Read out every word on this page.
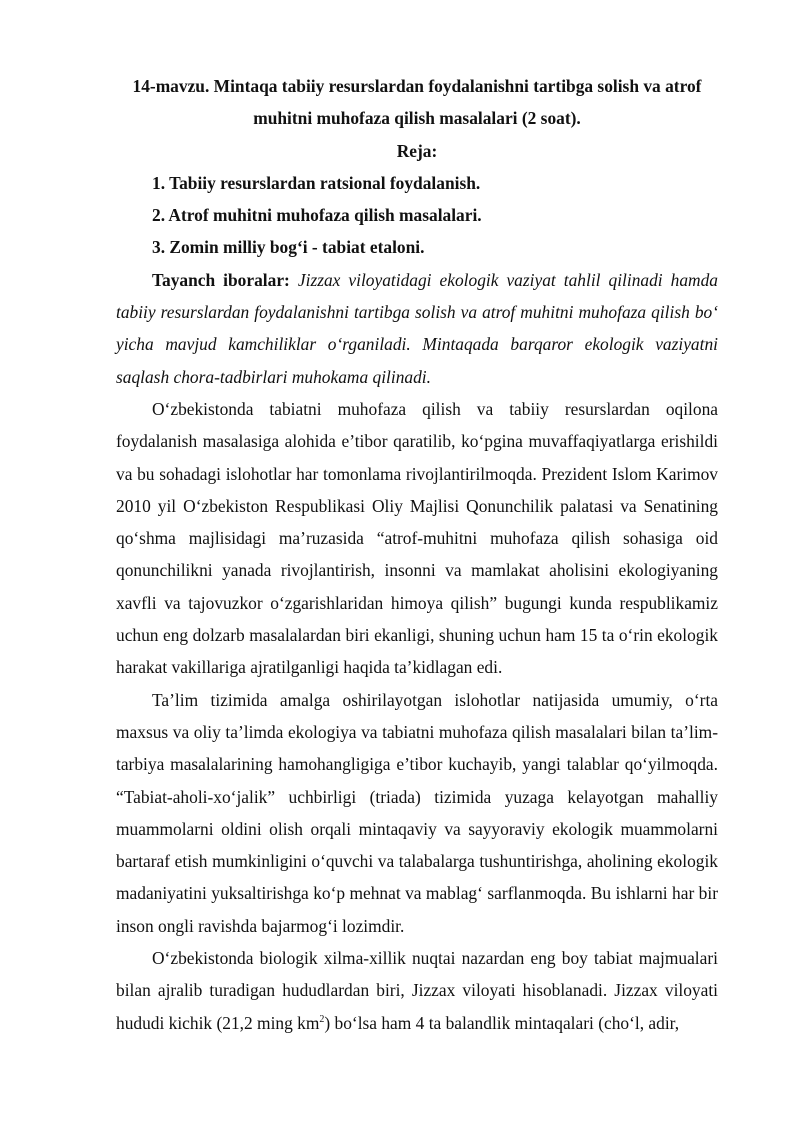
14-mavzu. Mintaqa tabiiy resurslardan foydalanishni tartibga solish va atrof
muhitni muhofaza qilish masalalari (2 soat).
Reja:
1. Tabiiy resurslardan ratsional foydalanish.
2. Atrof muhitni muhofaza qilish masalalari.
3. Zomin milliy bog‘i - tabiat etaloni.

Tayanch iboralar: Jizzax viloyatidagi ekologik vaziyat tahlil qilinadi hamda tabiiy resurslardan foydalanishni tartibga solish va atrof muhitni muhofaza qilish bo‘ yicha mavjud kamchiliklar o‘rganiladi. Mintaqada barqaror ekologik vaziyatni saqlash chora-tadbirlari muhokama qilinadi.

O‘zbekistonda tabiatni muhofaza qilish va tabiiy resurslardan oqilona foydalanish masalasiga alohida e’tibor qaratilib, ko‘pgina muvaffaqiyatlarga erishildi va bu sohadagi islohotlar har tomonlama rivojlantirilmoqda. Prezident Islom Karimov 2010 yil O‘zbekiston Respublikasi Oliy Majlisi Qonunchilik palatasi va Senatining qo‘shma majlisidagi ma’ruzasida “atrof-muhitni muhofaza qilish sohasiga oid qonunchilikni yanada rivojlantirish, insonni va mamlakat aholisini ekologiyaning xavfli va tajovuzkor o‘zgarishlaridan himoya qilish” bugungi kunda respublikamiz uchun eng dolzarb masalalardan biri ekanligi, shuning uchun ham 15 ta o‘rin ekologik harakat vakillariga ajratilganligi haqida ta’kidlagan edi.

Ta’lim tizimida amalga oshirilayotgan islohotlar natijasida umumiy, o‘rta maxsus va oliy ta’limda ekologiya va tabiatni muhofaza qilish masalalari bilan ta’lim-tarbiya masalalarining hamohangligiga e’tibor kuchayib, yangi talablar qo‘yilmoqda. “Tabiat-aholi-xo‘jalik” uchbirligi (triada) tizimida yuzaga kelayotgan mahalliy muammolarni oldini olish orqali mintaqaviy va sayyoraviy ekologik muammolarni bartaraf etish mumkinligini o‘quvchi va talabalarga tushuntirishga, aholining ekologik madaniyatini yuksaltirishga ko‘p mehnat va mablag‘ sarflanmoqda. Bu ishlarni har bir inson ongli ravishda bajarmog‘i lozimdir.

O‘zbekistonda biologik xilma-xillik nuqtai nazardan eng boy tabiat majmualari bilan ajralib turadigan hududlardan biri, Jizzax viloyati hisoblanadi. Jizzax viloyati hududi kichik (21,2 ming $km^2$) bo‘lsa ham 4 ta balandlik mintaqalari (cho‘l, adir,
